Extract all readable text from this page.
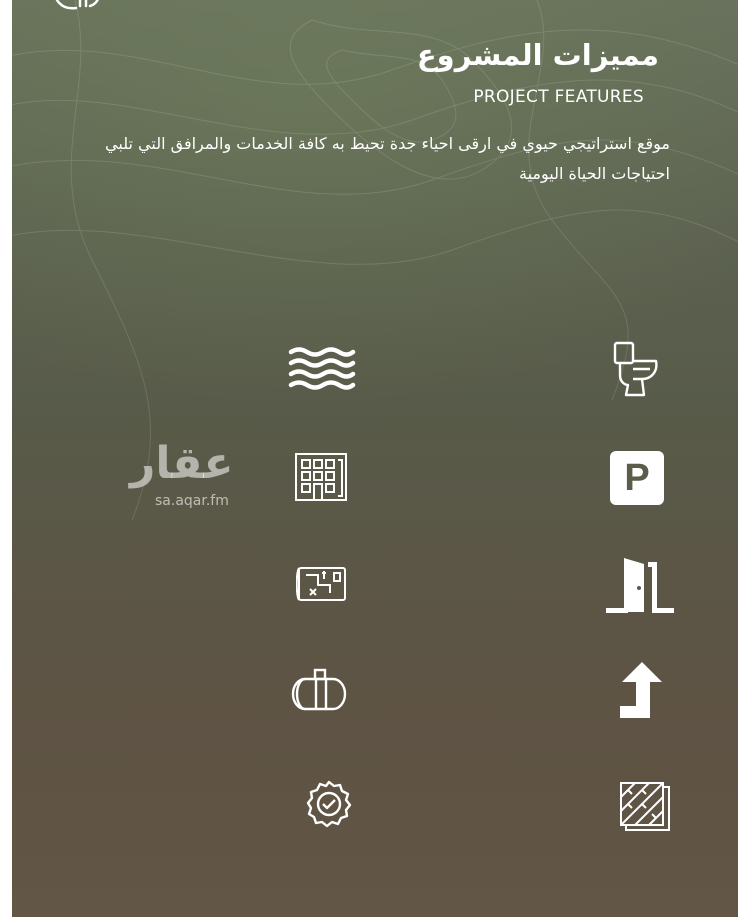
مميزات المشروع
PROJECT FEATURES
موقع استراتيجي حيوي في ارقى احياء جدة تحيط به كافة الخدمات والمرافق التي تلبي احتياجات الحياة اليومية
P
عقار
sa.aqar.fm
